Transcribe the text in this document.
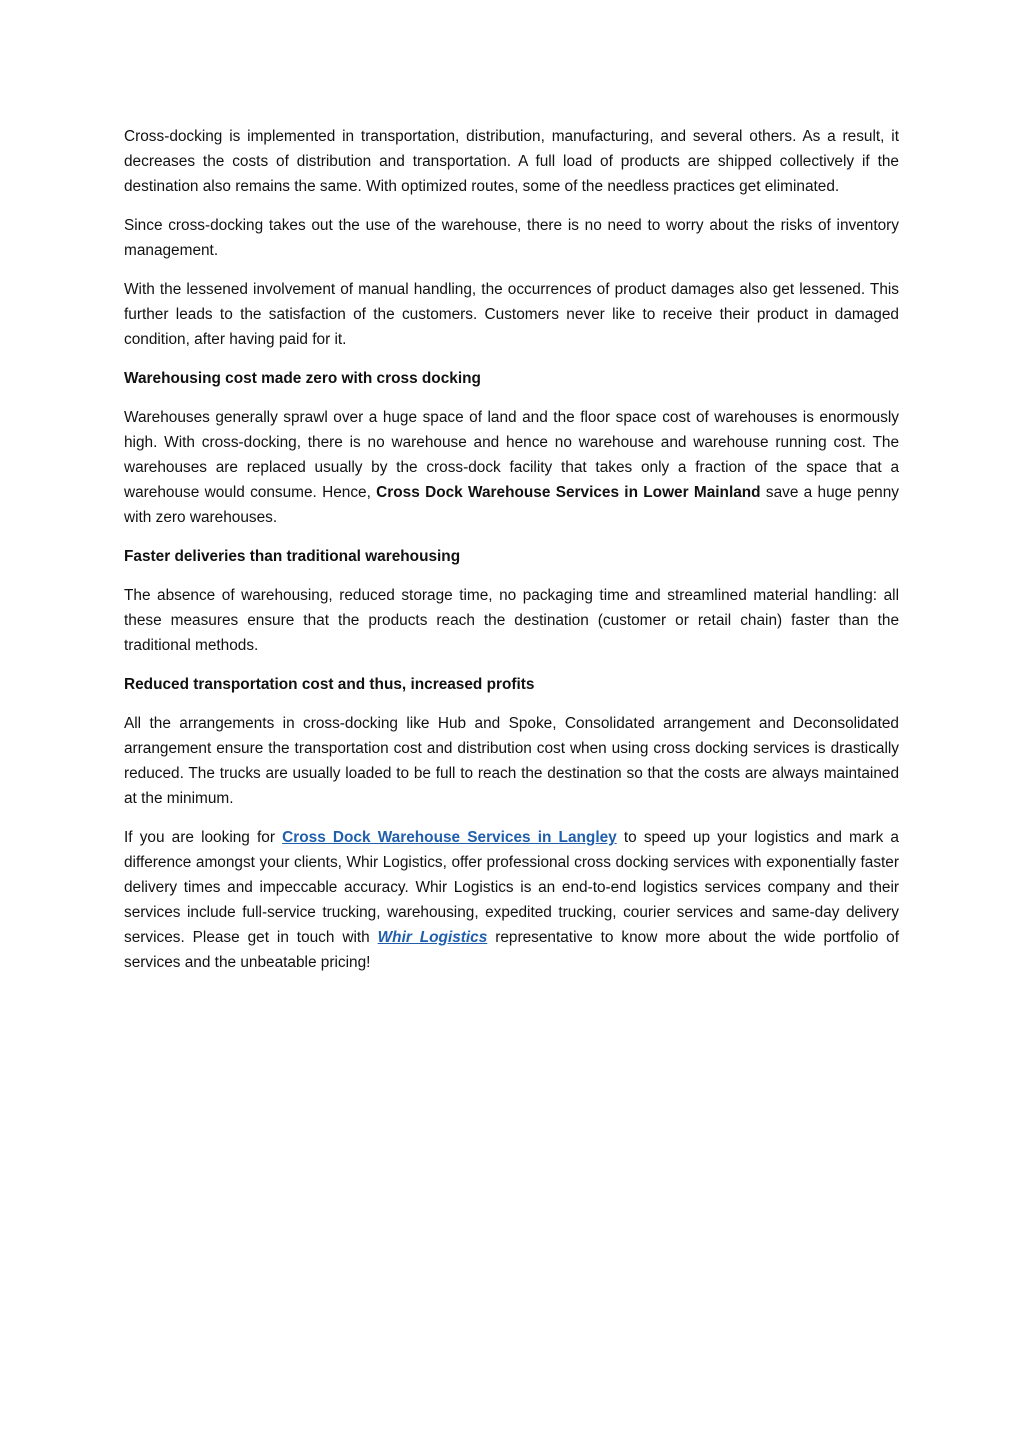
Cross-docking is implemented in transportation, distribution, manufacturing, and several others. As a result, it decreases the costs of distribution and transportation. A full load of products are shipped collectively if the destination also remains the same. With optimized routes, some of the needless practices get eliminated.

Since cross-docking takes out the use of the warehouse, there is no need to worry about the risks of inventory management.

With the lessened involvement of manual handling, the occurrences of product damages also get lessened. This further leads to the satisfaction of the customers. Customers never like to receive their product in damaged condition, after having paid for it.

Warehousing cost made zero with cross docking

Warehouses generally sprawl over a huge space of land and the floor space cost of warehouses is enormously high. With cross-docking, there is no warehouse and hence no warehouse and warehouse running cost. The warehouses are replaced usually by the cross-dock facility that takes only a fraction of the space that a warehouse would consume. Hence, Cross Dock Warehouse Services in Lower Mainland save a huge penny with zero warehouses.

Faster deliveries than traditional warehousing

The absence of warehousing, reduced storage time, no packaging time and streamlined material handling: all these measures ensure that the products reach the destination (customer or retail chain) faster than the traditional methods.

Reduced transportation cost and thus, increased profits

All the arrangements in cross-docking like Hub and Spoke, Consolidated arrangement and Deconsolidated arrangement ensure the transportation cost and distribution cost when using cross docking services is drastically reduced. The trucks are usually loaded to be full to reach the destination so that the costs are always maintained at the minimum.

If you are looking for Cross Dock Warehouse Services in Langley to speed up your logistics and mark a difference amongst your clients, Whir Logistics, offer professional cross docking services with exponentially faster delivery times and impeccable accuracy. Whir Logistics is an end-to-end logistics services company and their services include full-service trucking, warehousing, expedited trucking, courier services and same-day delivery services. Please get in touch with Whir Logistics representative to know more about the wide portfolio of services and the unbeatable pricing!
